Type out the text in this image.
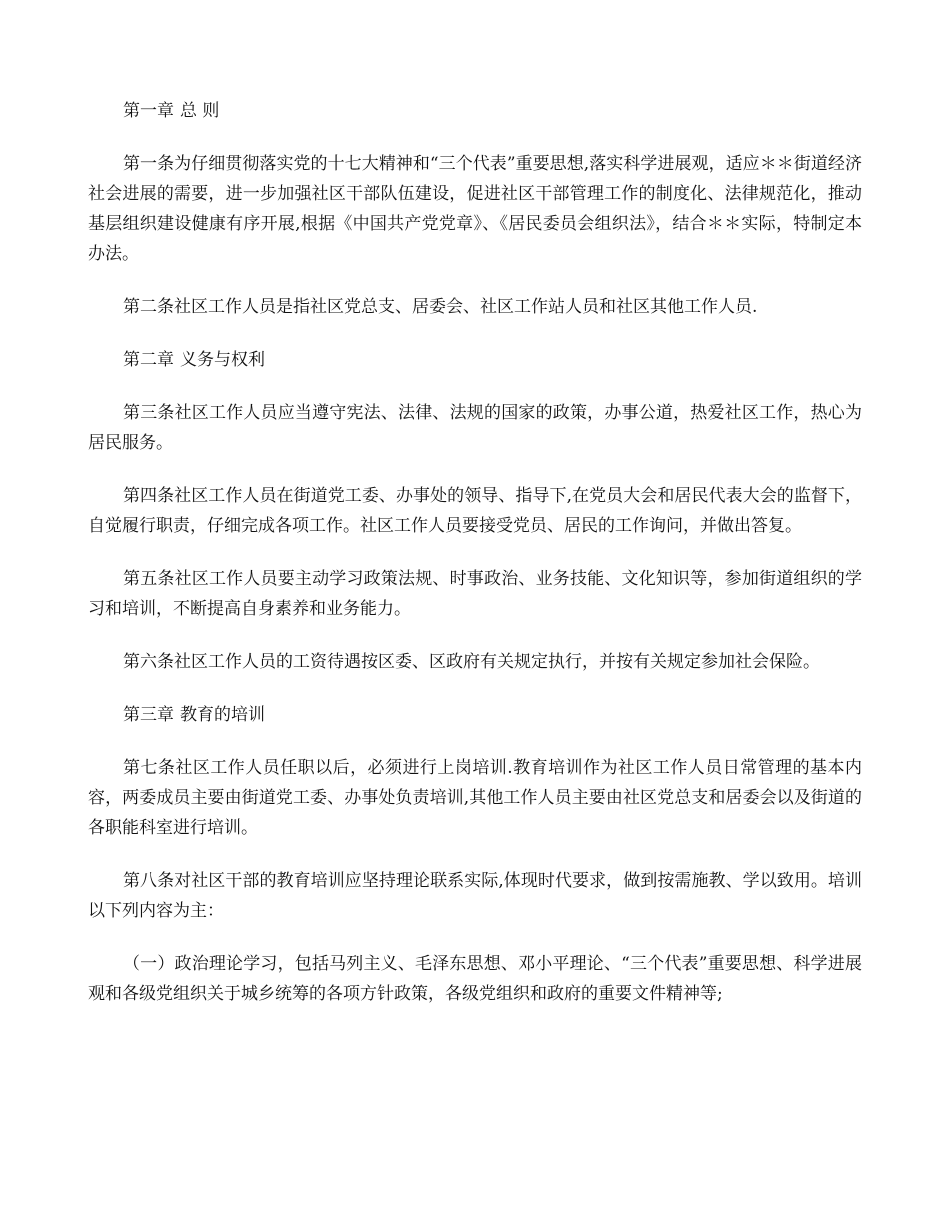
第一章 总 则

第一条为仔细贯彻落实党的十七大精神和“三个代表”重要思想,落实科学进展观，适应＊＊街道经济社会进展的需要，进一步加强社区干部队伍建设，促进社区干部管理工作的制度化、法律规范化，推动基层组织建设健康有序开展,根据《中国共产党党章》、《居民委员会组织法》，结合＊＊实际，特制定本办法。

第二条社区工作人员是指社区党总支、居委会、社区工作站人员和社区其他工作人员.

第二章 义务与权利

第三条社区工作人员应当遵守宪法、法律、法规的国家的政策，办事公道，热爱社区工作，热心为居民服务。

第四条社区工作人员在街道党工委、办事处的领导、指导下,在党员大会和居民代表大会的监督下，自觉履行职责，仔细完成各项工作。社区工作人员要接受党员、居民的工作询问，并做出答复。

第五条社区工作人员要主动学习政策法规、时事政治、业务技能、文化知识等，参加街道组织的学习和培训，不断提高自身素养和业务能力。

第六条社区工作人员的工资待遇按区委、区政府有关规定执行，并按有关规定参加社会保险。

第三章 教育的培训

第七条社区工作人员任职以后，必须进行上岗培训.教育培训作为社区工作人员日常管理的基本内容，两委成员主要由街道党工委、办事处负责培训,其他工作人员主要由社区党总支和居委会以及街道的各职能科室进行培训。

第八条对社区干部的教育培训应坚持理论联系实际,体现时代要求，做到按需施教、学以致用。培训以下列内容为主：

（一）政治理论学习，包括马列主义、毛泽东思想、邓小平理论、“三个代表”重要思想、科学进展观和各级党组织关于城乡统筹的各项方针政策，各级党组织和政府的重要文件精神等;
